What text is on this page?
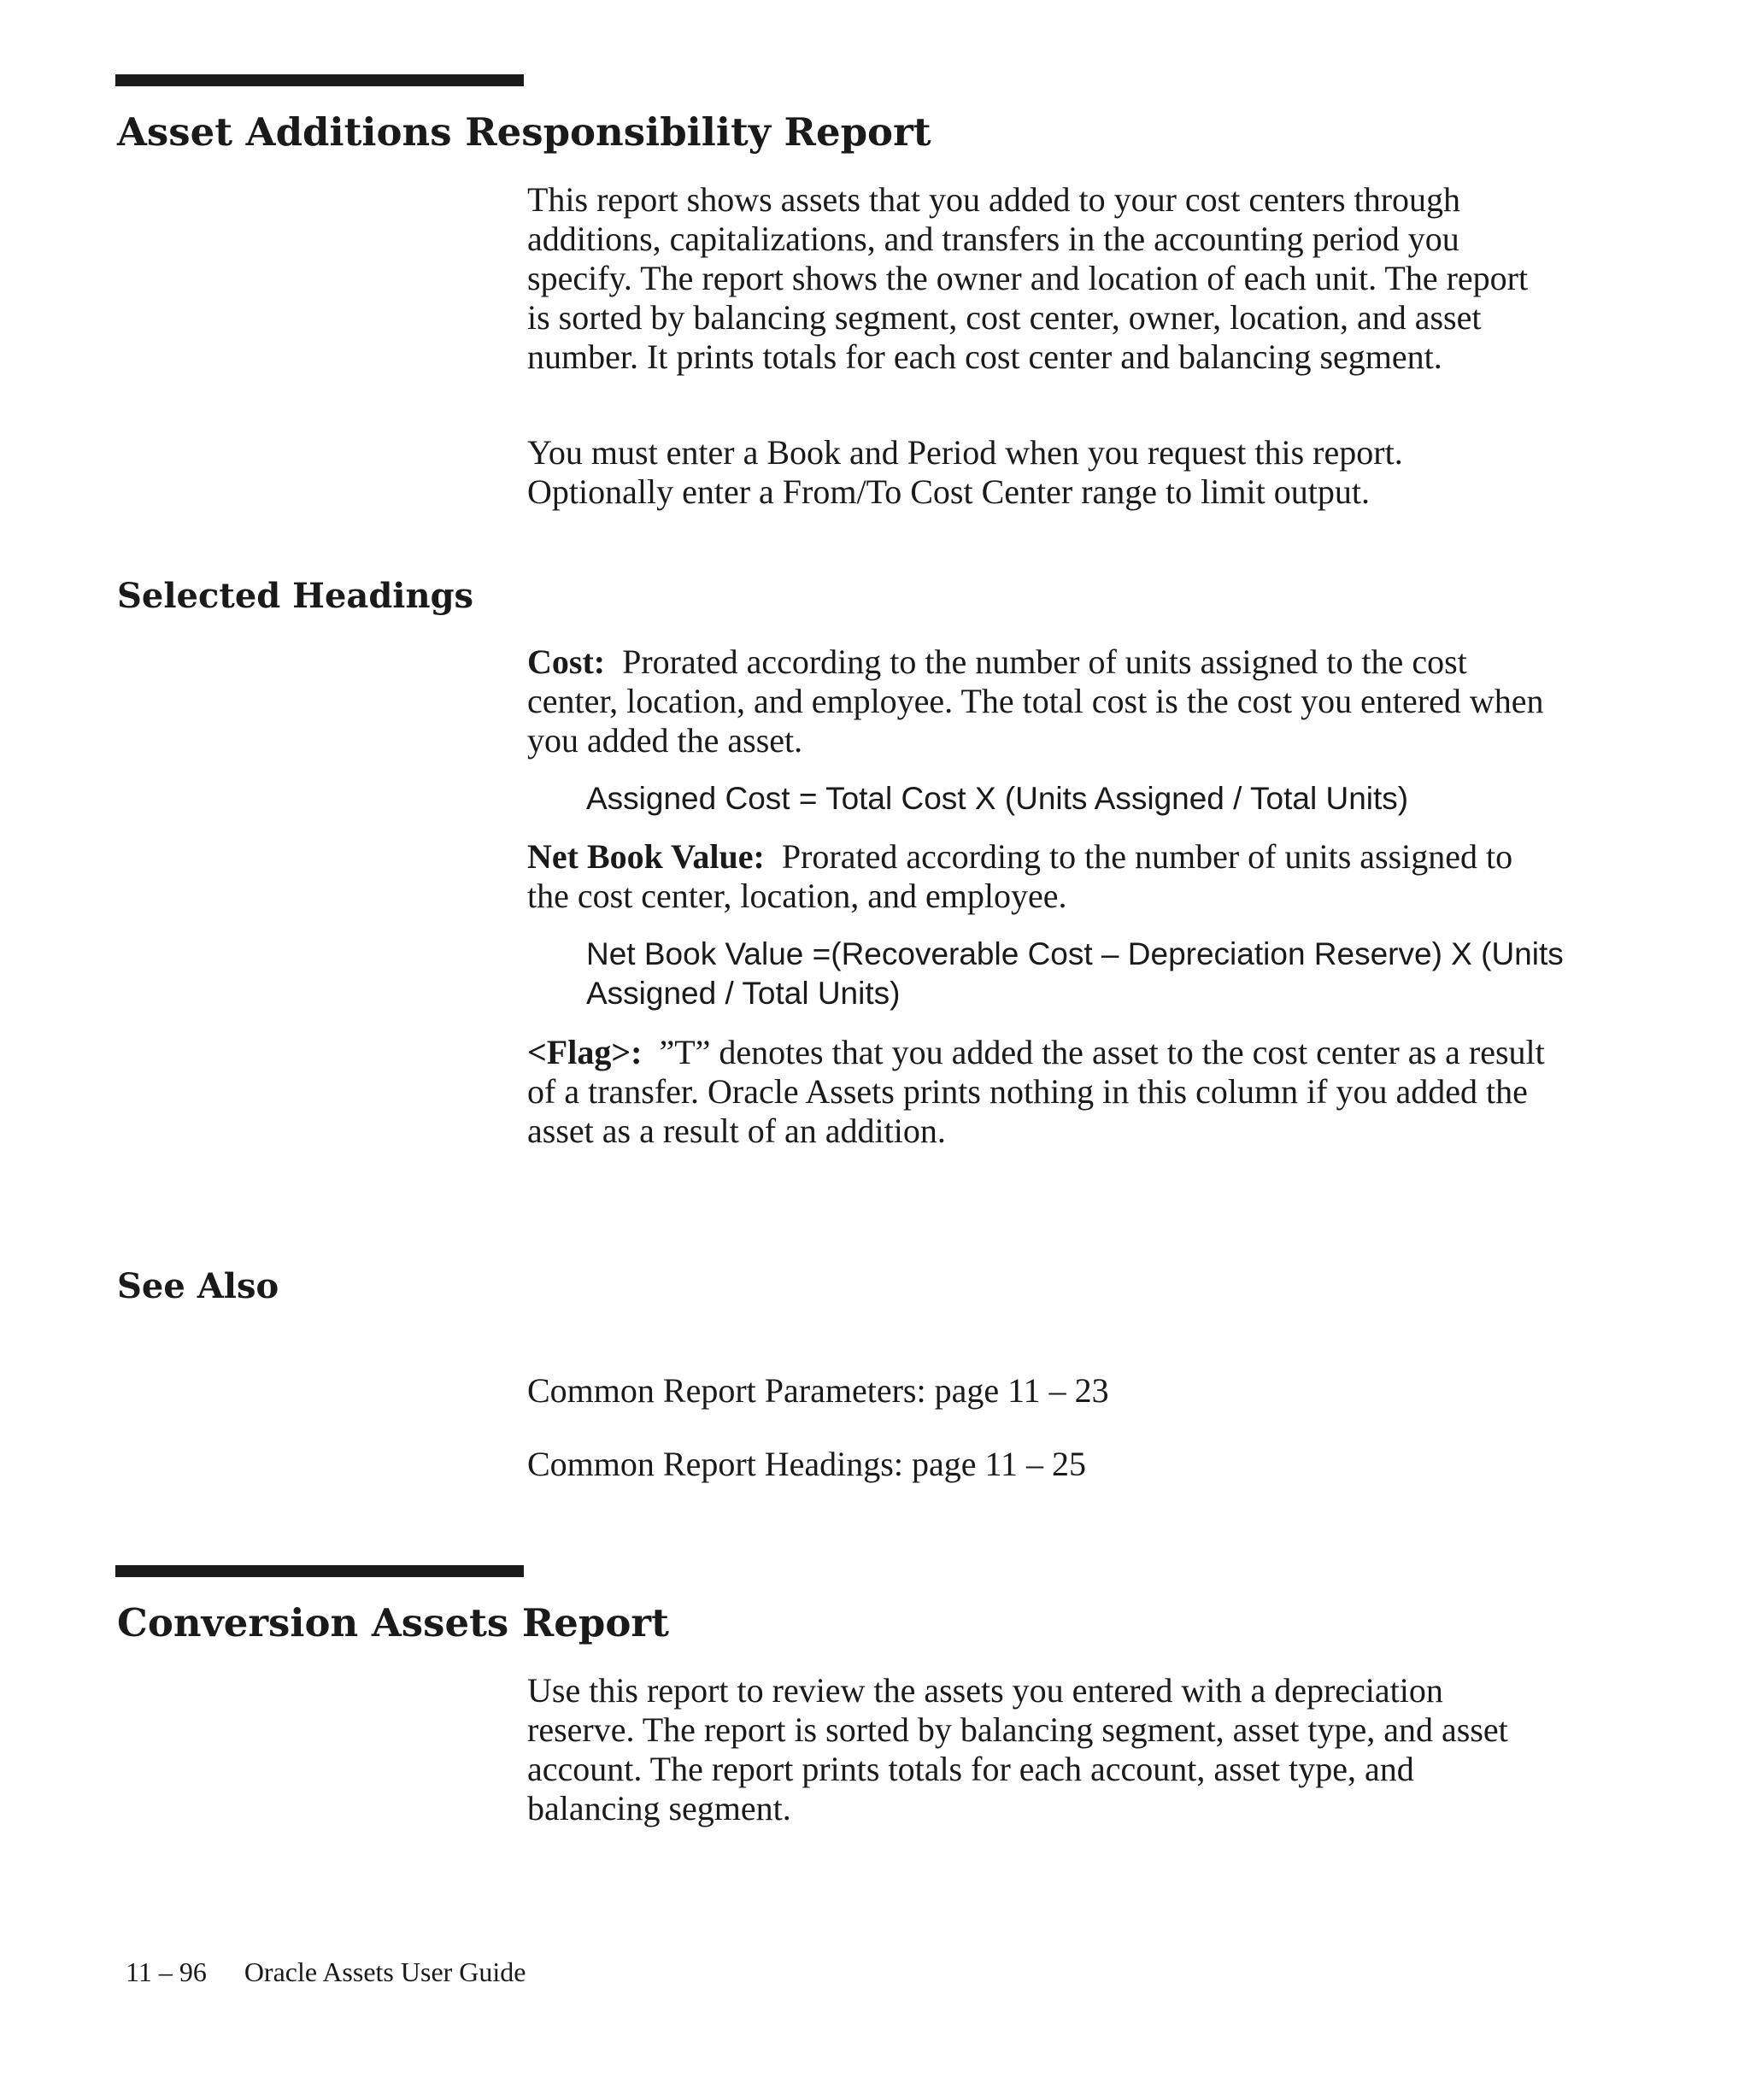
Asset Additions Responsibility Report

This report shows assets that you added to your cost centers through additions, capitalizations, and transfers in the accounting period you specify. The report shows the owner and location of each unit. The report is sorted by balancing segment, cost center, owner, location, and asset number. It prints totals for each cost center and balancing segment.

You must enter a Book and Period when you request this report. Optionally enter a From/To Cost Center range to limit output.

Selected Headings

Cost: Prorated according to the number of units assigned to the cost center, location, and employee. The total cost is the cost you entered when you added the asset.

Assigned Cost = Total Cost X (Units Assigned / Total Units)

Net Book Value: Prorated according to the number of units assigned to the cost center, location, and employee.

Net Book Value =(Recoverable Cost – Depreciation Reserve) X (Units Assigned / Total Units)

<Flag>: ”T” denotes that you added the asset to the cost center as a result of a transfer. Oracle Assets prints nothing in this column if you added the asset as a result of an addition.

See Also

Common Report Parameters: page 11 – 23

Common Report Headings: page 11 – 25

Conversion Assets Report

Use this report to review the assets you entered with a depreciation reserve. The report is sorted by balancing segment, asset type, and asset account. The report prints totals for each account, asset type, and balancing segment.

11 – 96 Oracle Assets User Guide
